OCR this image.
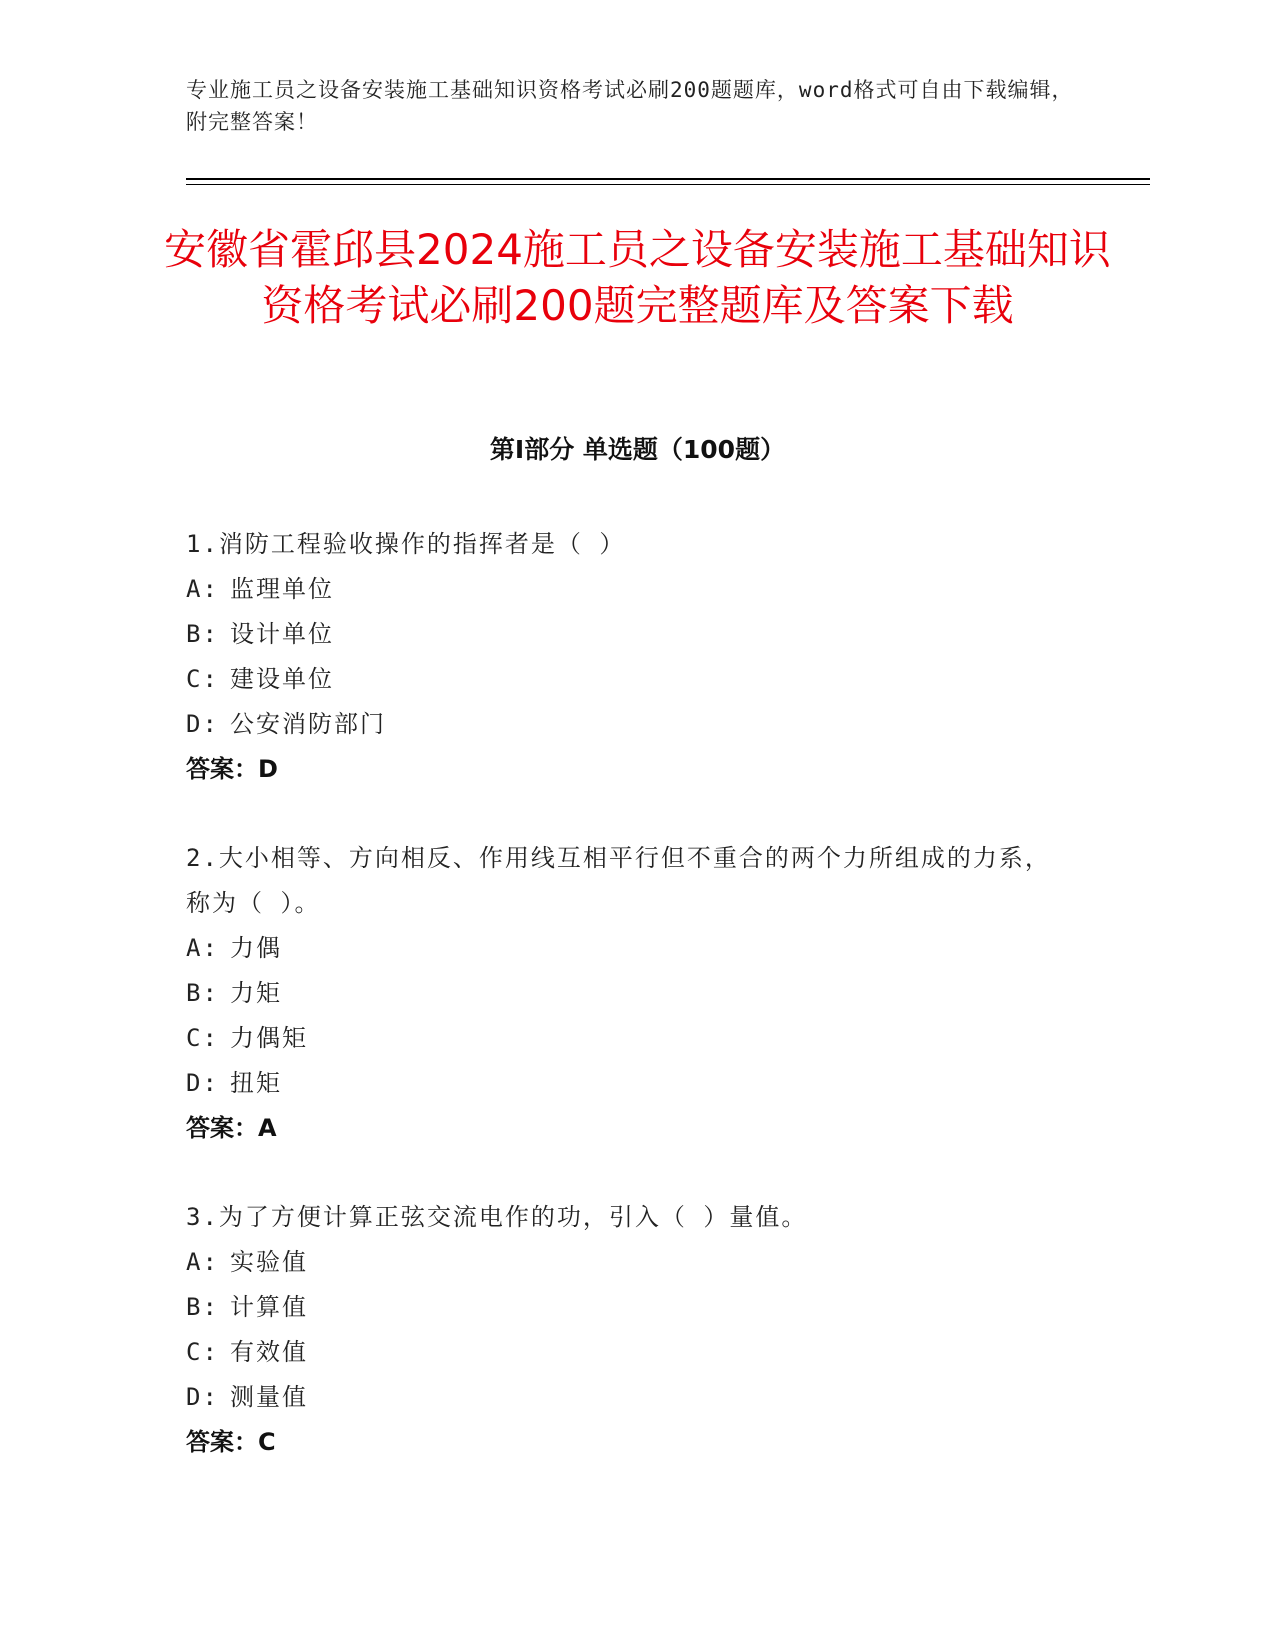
专业施工员之设备安装施工基础知识资格考试必刷200题题库，word格式可自由下载编辑，附完整答案！
安徽省霍邱县2024施工员之设备安装施工基础知识资格考试必刷200题完整题库及答案下载
第Ⅰ部分 单选题（100题）
1.消防工程验收操作的指挥者是（ ）
A: 监理单位
B: 设计单位
C: 建设单位
D: 公安消防部门
答案：D
2.大小相等、方向相反、作用线互相平行但不重合的两个力所组成的力系，称为（ ）。
A: 力偶
B: 力矩
C: 力偶矩
D: 扭矩
答案：A
3.为了方便计算正弦交流电作的功，引入（ ）量值。
A: 实验值
B: 计算值
C: 有效值
D: 测量值
答案：C
